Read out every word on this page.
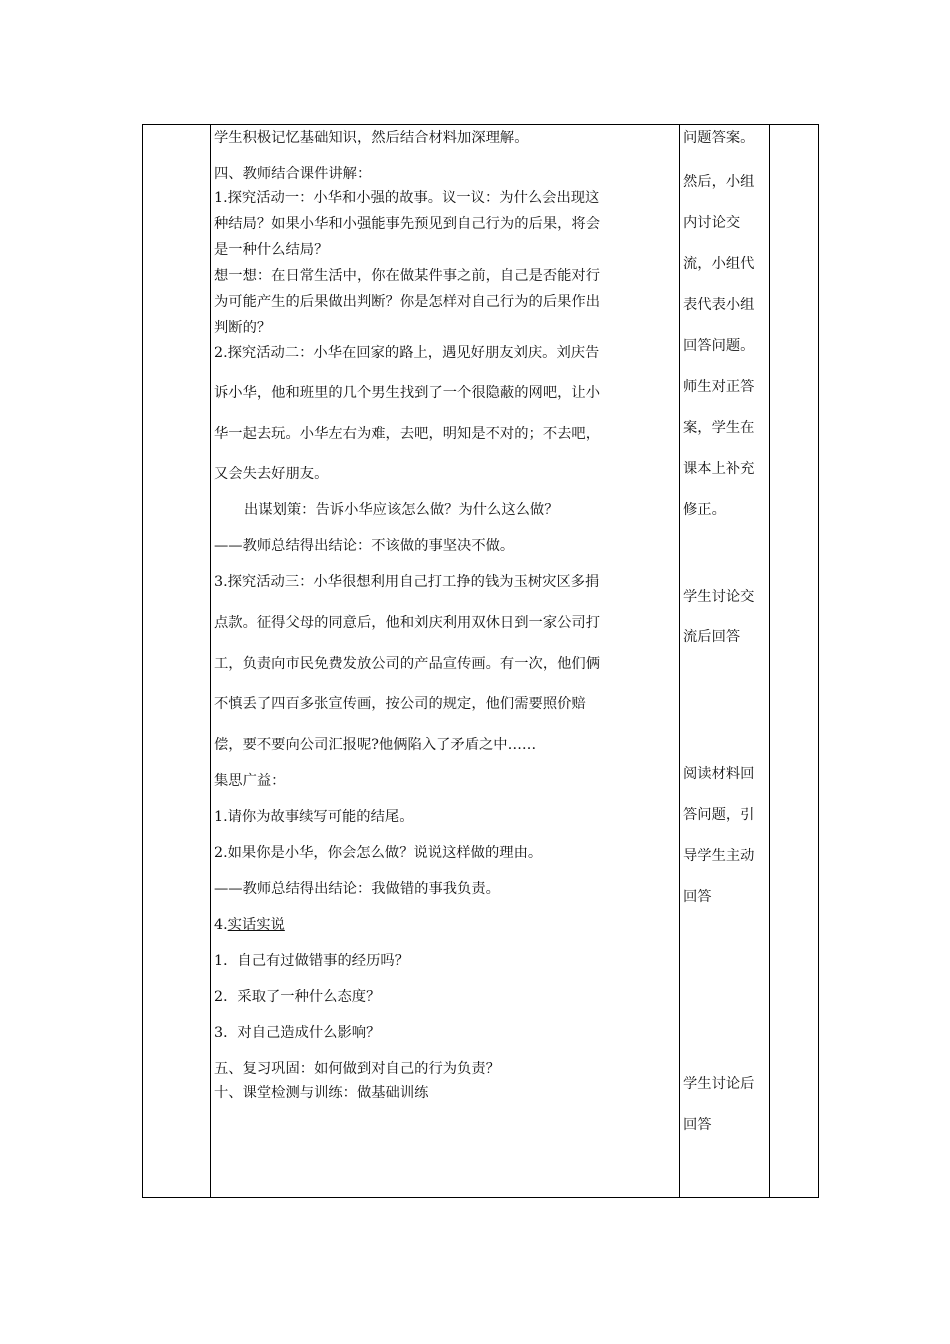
学生积极记忆基础知识，然后结合材料加深理解。
四、教师结合课件讲解：
1.探究活动一：小华和小强的故事。议一议：为什么会出现这
种结局？如果小华和小强能事先预见到自己行为的后果，将会
是一种什么结局？
想一想：在日常生活中，你在做某件事之前，自己是否能对行
为可能产生的后果做出判断？你是怎样对自己行为的后果作出
判断的？
2.探究活动二：小华在回家的路上，遇见好朋友刘庆。刘庆告
诉小华，他和班里的几个男生找到了一个很隐蔽的网吧，让小
华一起去玩。小华左右为难，去吧，明知是不对的；不去吧，
又会失去好朋友。
出谋划策：告诉小华应该怎么做？为什么这么做？
——教师总结得出结论：不该做的事坚决不做。
3.探究活动三：小华很想利用自己打工挣的钱为玉树灾区多捐
点款。征得父母的同意后，他和刘庆利用双休日到一家公司打
工，负责向市民免费发放公司的产品宣传画。有一次，他们俩
不慎丢了四百多张宣传画，按公司的规定，他们需要照价赔
偿，要不要向公司汇报呢?他俩陷入了矛盾之中……
集思广益：
1.请你为故事续写可能的结尾。
2.如果你是小华，你会怎么做？说说这样做的理由。
——教师总结得出结论：我做错的事我负责。
4.实话实说
1．自己有过做错事的经历吗？
2．采取了一种什么态度？
3．对自己造成什么影响？
五、复习巩固：如何做到对自己的行为负责？
十、课堂检测与训练：做基础训练
问题答案。
然后，小组
内讨论交
流，小组代
表代表小组
回答问题。
师生对正答
案，学生在
课本上补充
修正。
学生讨论交
流后回答
阅读材料回
答问题，引
导学生主动
回答
学生讨论后
回答
